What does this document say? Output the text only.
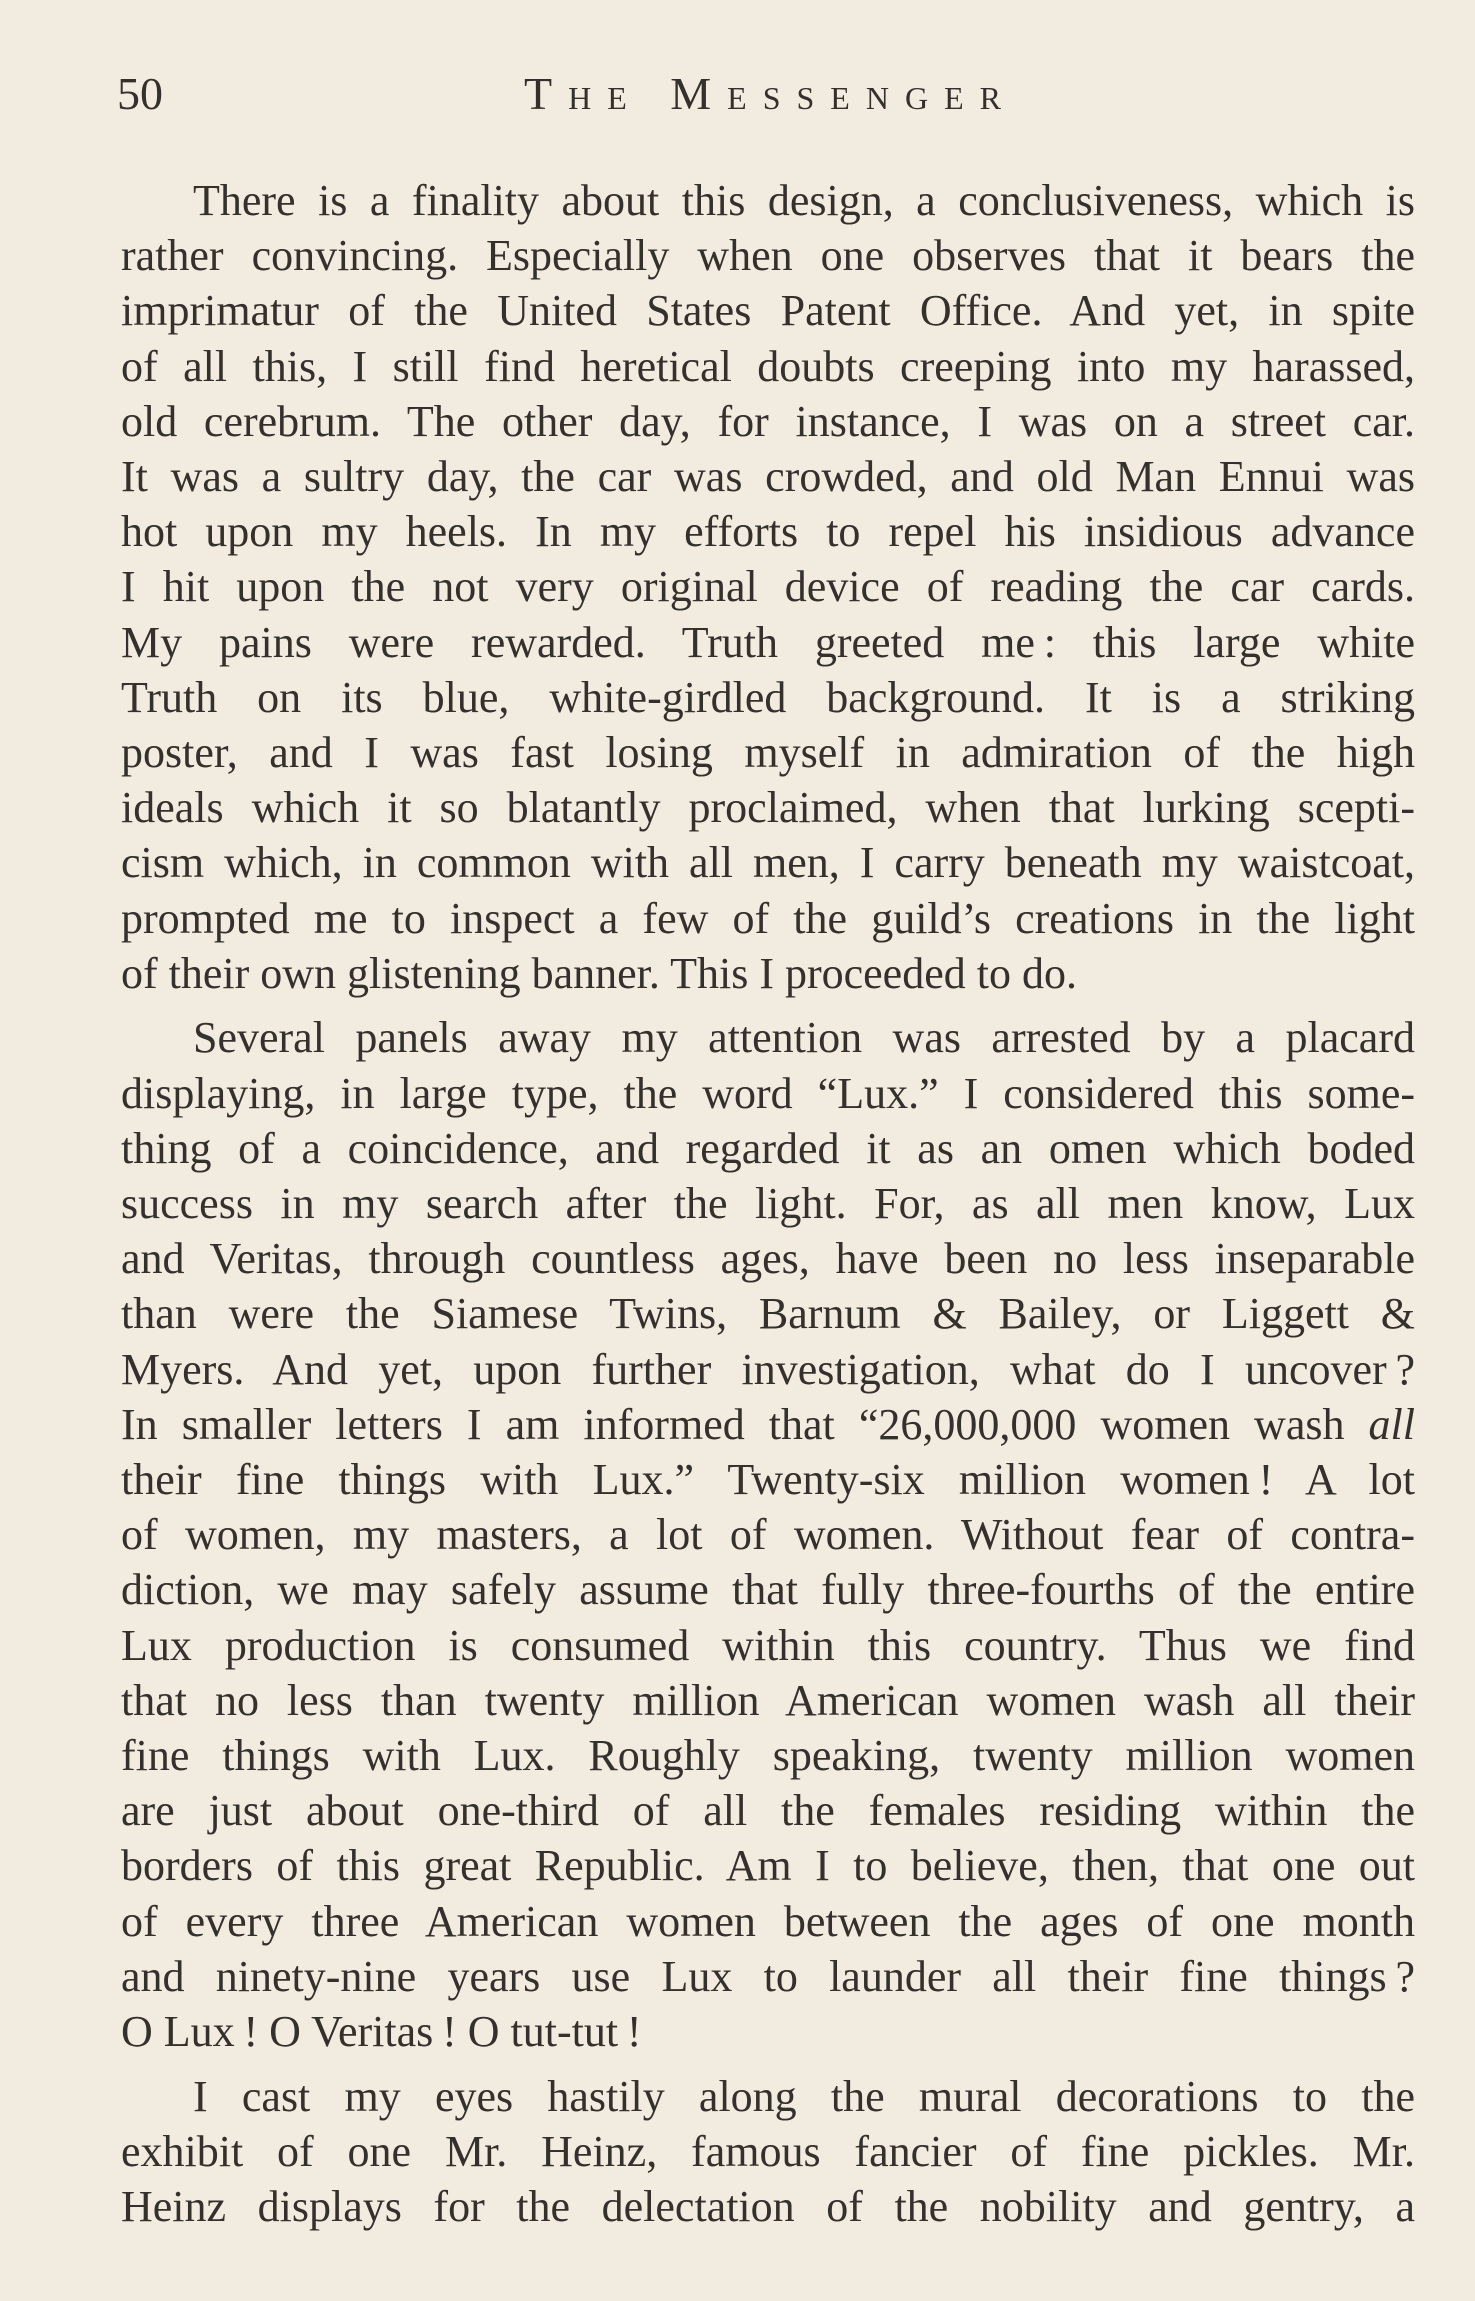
50	The Messenger
There is a finality about this design, a conclusiveness, which is
rather convincing. Especially when one observes that it bears the
imprimatur of the United States Patent Office. And yet, in spite
of all this, I still find heretical doubts creeping into my harassed,
old cerebrum. The other day, for instance, I was on a street car.
It was a sultry day, the car was crowded, and old Man Ennui was
hot upon my heels. In my efforts to repel his insidious advance
I hit upon the not very original device of reading the car cards.
My pains were rewarded. Truth greeted me : this large white
Truth on its blue, white-girdled background. It is a striking
poster, and I was fast losing myself in admiration of the high
ideals which it so blatantly proclaimed, when that lurking scepti-
cism which, in common with all men, I carry beneath my waistcoat,
prompted me to inspect a few of the guild’s creations in the light
of their own glistening banner. This I proceeded to do.
Several panels away my attention was arrested by a placard
displaying, in large type, the word “Lux.” I considered this some-
thing of a coincidence, and regarded it as an omen which boded
success in my search after the light. For, as all men know, Lux
and Veritas, through countless ages, have been no less inseparable
than were the Siamese Twins, Barnum & Bailey, or Liggett &
Myers. And yet, upon further investigation, what do I uncover ?
In smaller letters I am informed that “26,000,000 women wash all
their fine things with Lux.” Twenty-six million women ! A lot
of women, my masters, a lot of women. Without fear of contra-
diction, we may safely assume that fully three-fourths of the entire
Lux production is consumed within this country. Thus we find
that no less than twenty million American women wash all their
fine things with Lux. Roughly speaking, twenty million women
are just about one-third of all the females residing within the
borders of this great Republic. Am I to believe, then, that one out
of every three American women between the ages of one month
and ninety-nine years use Lux to launder all their fine things ?
O Lux ! O Veritas ! O tut-tut !
I cast my eyes hastily along the mural decorations to the
exhibit of one Mr. Heinz, famous fancier of fine pickles. Mr.
Heinz displays for the delectation of the nobility and gentry, a
